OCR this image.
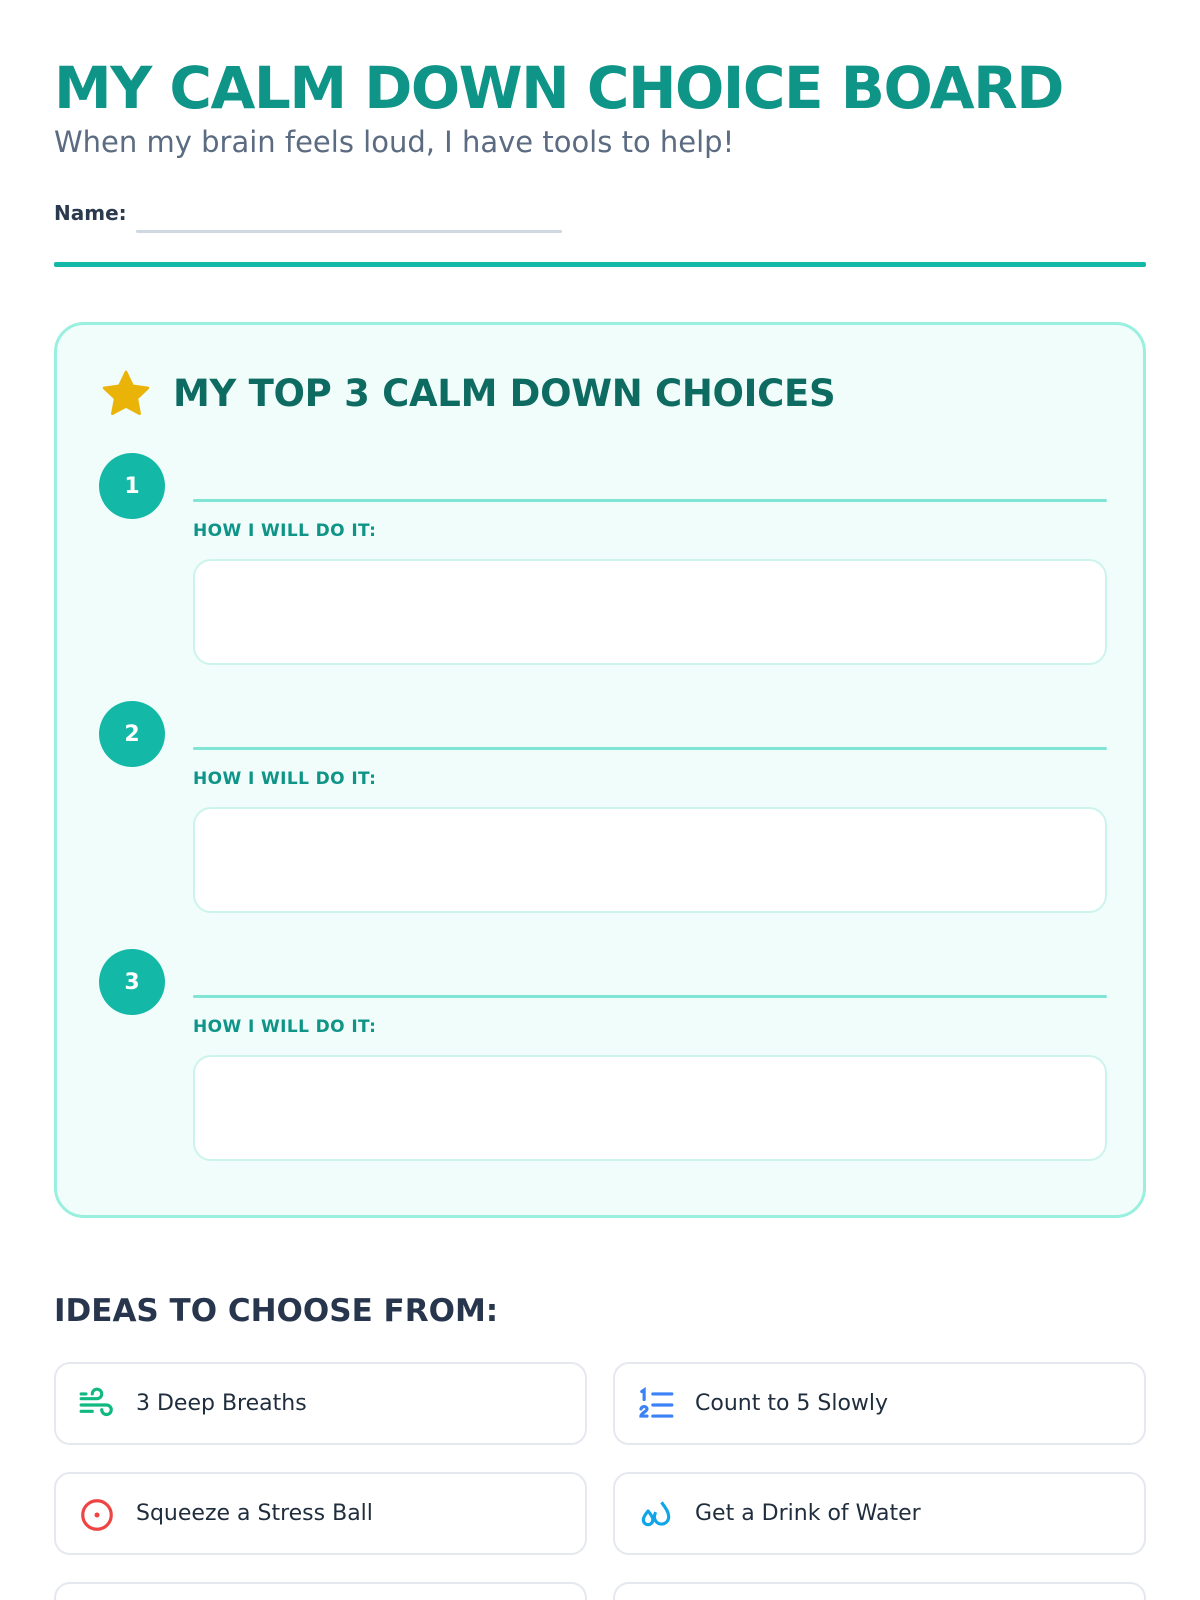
MY CALM DOWN CHOICE BOARD
When my brain feels loud, I have tools to help!
Name:
MY TOP 3 CALM DOWN CHOICES
1
HOW I WILL DO IT:
2
HOW I WILL DO IT:
3
HOW I WILL DO IT:
IDEAS TO CHOOSE FROM:
3 Deep Breaths	Count to 5 Slowly
Squeeze a Stress Ball	Get a Drink of Water
